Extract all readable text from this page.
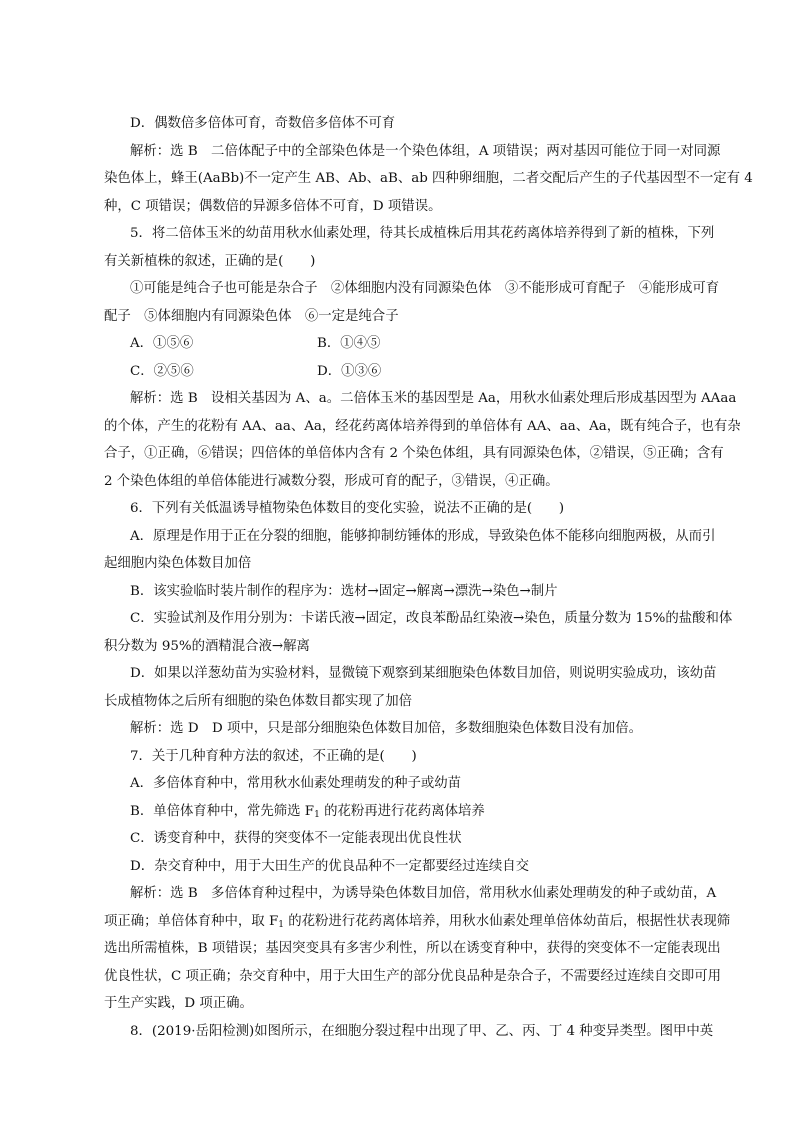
D．偶数倍多倍体可育，奇数倍多倍体不可育
解析：选 B　二倍体配子中的全部染色体是一个染色体组，A 项错误；两对基因可能位于同一对同源
染色体上，蜂王(AaBb)不一定产生 AB、Ab、aB、ab 四种卵细胞，二者交配后产生的子代基因型不一定有 4
种，C 项错误；偶数倍的异源多倍体不可育，D 项错误。
5．将二倍体玉米的幼苗用秋水仙素处理，待其长成植株后用其花药离体培养得到了新的植株，下列
有关新植株的叙述，正确的是(　　)
①可能是纯合子也可能是杂合子　②体细胞内没有同源染色体　③不能形成可育配子　④能形成可育
配子　⑤体细胞内有同源染色体　⑥一定是纯合子
A．①⑤⑥	B．①④⑤
C．②⑤⑥	D．①③⑥
解析：选 B　设相关基因为 A、a。二倍体玉米的基因型是 Aa，用秋水仙素处理后形成基因型为 AAaa
的个体，产生的花粉有 AA、aa、Aa，经花药离体培养得到的单倍体有 AA、aa、Aa，既有纯合子，也有杂
合子，①正确，⑥错误；四倍体的单倍体内含有 2 个染色体组，具有同源染色体，②错误，⑤正确；含有
2 个染色体组的单倍体能进行减数分裂，形成可育的配子，③错误，④正确。
6．下列有关低温诱导植物染色体数目的变化实验，说法不正确的是(　　)
A．原理是作用于正在分裂的细胞，能够抑制纺锤体的形成，导致染色体不能移向细胞两极，从而引
起细胞内染色体数目加倍
B．该实验临时装片制作的程序为：选材→固定→解离→漂洗→染色→制片
C．实验试剂及作用分别为：卡诺氏液→固定，改良苯酚品红染液→染色，质量分数为 15%的盐酸和体
积分数为 95%的酒精混合液→解离
D．如果以洋葱幼苗为实验材料，显微镜下观察到某细胞染色体数目加倍，则说明实验成功，该幼苗
长成植物体之后所有细胞的染色体数目都实现了加倍
解析：选 D　D 项中，只是部分细胞染色体数目加倍，多数细胞染色体数目没有加倍。
7．关于几种育种方法的叙述，不正确的是(　　)
A．多倍体育种中，常用秋水仙素处理萌发的种子或幼苗
B．单倍体育种中，常先筛选 $F_1$ 的花粉再进行花药离体培养
C．诱变育种中，获得的突变体不一定能表现出优良性状
D．杂交育种中，用于大田生产的优良品种不一定都要经过连续自交
解析：选 B　多倍体育种过程中，为诱导染色体数目加倍，常用秋水仙素处理萌发的种子或幼苗，A
项正确；单倍体育种中，取 $F_1$ 的花粉进行花药离体培养，用秋水仙素处理单倍体幼苗后，根据性状表现筛
选出所需植株，B 项错误；基因突变具有多害少利性，所以在诱变育种中，获得的突变体不一定能表现出
优良性状，C 项正确；杂交育种中，用于大田生产的部分优良品种是杂合子，不需要经过连续自交即可用
于生产实践，D 项正确。
8．(2019·岳阳检测)如图所示，在细胞分裂过程中出现了甲、乙、丙、丁 4 种变异类型。图甲中英
